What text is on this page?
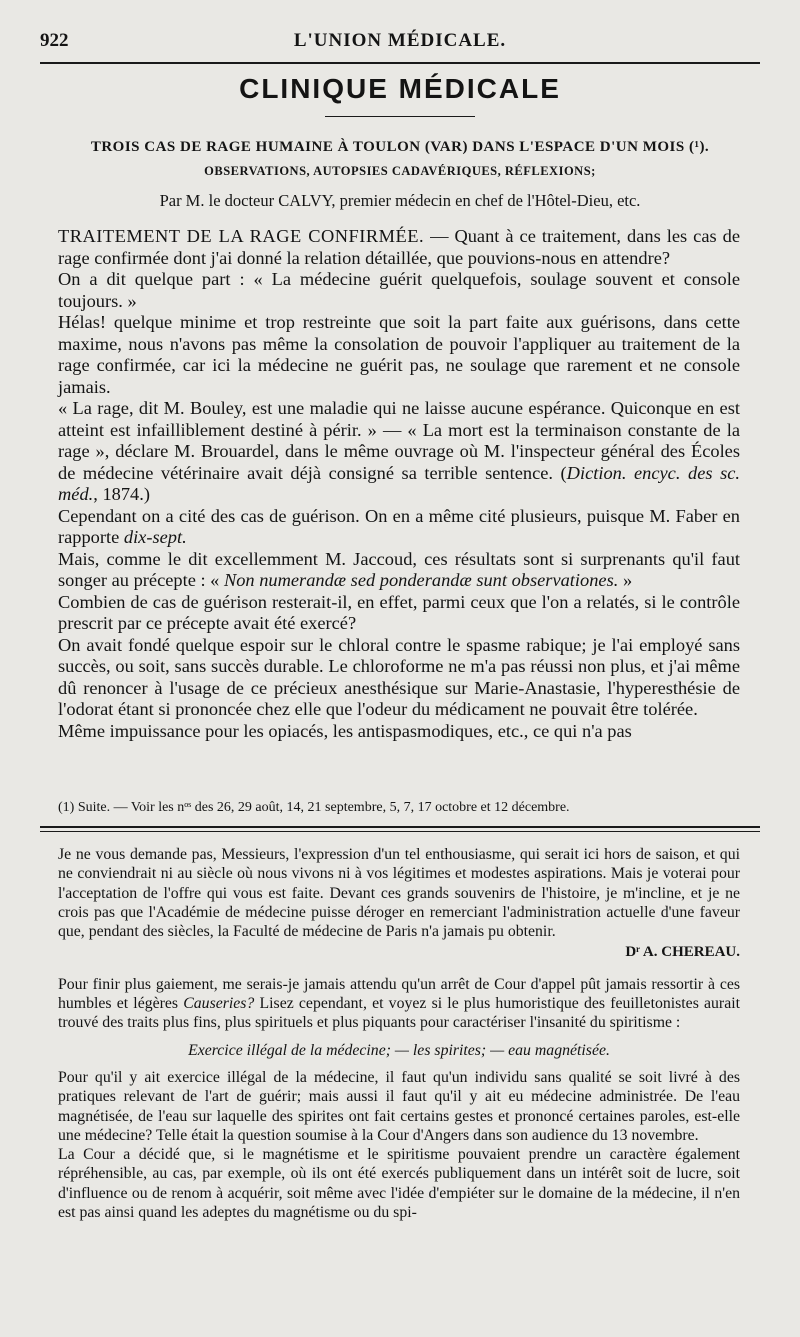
922	L'UNION MÉDICALE.
CLINIQUE MÉDICALE
TROIS CAS DE RAGE HUMAINE À TOULON (VAR) DANS L'ESPACE D'UN MOIS (¹).
OBSERVATIONS, AUTOPSIES CADAVÉRIQUES, RÉFLEXIONS;
Par M. le docteur CALVY, premier médecin en chef de l'Hôtel-Dieu, etc.

TRAITEMENT DE LA RAGE CONFIRMÉE. — Quant à ce traitement, dans les cas de rage confirmée dont j'ai donné la relation détaillée, que pouvions-nous en attendre?

On a dit quelque part : « La médecine guérit quelquefois, soulage souvent et console toujours. »

Hélas! quelque minime et trop restreinte que soit la part faite aux guérisons, dans cette maxime, nous n'avons pas même la consolation de pouvoir l'appliquer au traitement de la rage confirmée, car ici la médecine ne guérit pas, ne soulage que rarement et ne console jamais.

« La rage, dit M. Bouley, est une maladie qui ne laisse aucune espérance. Quiconque en est atteint est infailliblement destiné à périr. » — « La mort est la terminaison constante de la rage », déclare M. Brouardel, dans le même ouvrage où M. l'inspecteur général des Écoles de médecine vétérinaire avait déjà consigné sa terrible sentence. (Diction. encyc. des sc. méd., 1874.)

Cependant on a cité des cas de guérison. On en a même cité plusieurs, puisque M. Faber en rapporte dix-sept.

Mais, comme le dit excellemment M. Jaccoud, ces résultats sont si surprenants qu'il faut songer au précepte : « Non numerandæ sed ponderandæ sunt observationes. »

Combien de cas de guérison resterait-il, en effet, parmi ceux que l'on a relatés, si le contrôle prescrit par ce précepte avait été exercé?

On avait fondé quelque espoir sur le chloral contre le spasme rabique; je l'ai employé sans succès, ou soit, sans succès durable. Le chloroforme ne m'a pas réussi non plus, et j'ai même dû renoncer à l'usage de ce précieux anesthésique sur Marie-Anastasie, l'hyperesthésie de l'odorat étant si prononcée chez elle que l'odeur du médicament ne pouvait être tolérée.

Même impuissance pour les opiacés, les antispasmodiques, etc., ce qui n'a pas

(1) Suite. — Voir les nᵒˢ des 26, 29 août, 14, 21 septembre, 5, 7, 17 octobre et 12 décembre.

Je ne vous demande pas, Messieurs, l'expression d'un tel enthousiasme, qui serait ici hors de saison, et qui ne conviendrait ni au siècle où nous vivons ni à vos légitimes et modestes aspirations. Mais je voterai pour l'acceptation de l'offre qui vous est faite. Devant ces grands souvenirs de l'histoire, je m'incline, et je ne crois pas que l'Académie de médecine puisse déroger en remerciant l'administration actuelle d'une faveur que, pendant des siècles, la Faculté de médecine de Paris n'a jamais pu obtenir.

Dʳ A. CHEREAU.

Pour finir plus gaiement, me serais-je jamais attendu qu'un arrêt de Cour d'appel pût jamais ressortir à ces humbles et légères Causeries? Lisez cependant, et voyez si le plus humoristique des feuilletonistes aurait trouvé des traits plus fins, plus spirituels et plus piquants pour caractériser l'insanité du spiritisme :

Exercice illégal de la médecine; — les spirites; — eau magnétisée.

Pour qu'il y ait exercice illégal de la médecine, il faut qu'un individu sans qualité se soit livré à des pratiques relevant de l'art de guérir; mais aussi il faut qu'il y ait eu médecine administrée. De l'eau magnétisée, de l'eau sur laquelle des spirites ont fait certains gestes et prononcé certaines paroles, est-elle une médecine? Telle était la question soumise à la Cour d'Angers dans son audience du 13 novembre.

La Cour a décidé que, si le magnétisme et le spiritisme pouvaient prendre un caractère également répréhensible, au cas, par exemple, où ils ont été exercés publiquement dans un intérêt soit de lucre, soit d'influence ou de renom à acquérir, soit même avec l'idée d'empiéter sur le domaine de la médecine, il n'en est pas ainsi quand les adeptes du magnétisme ou du spi-
